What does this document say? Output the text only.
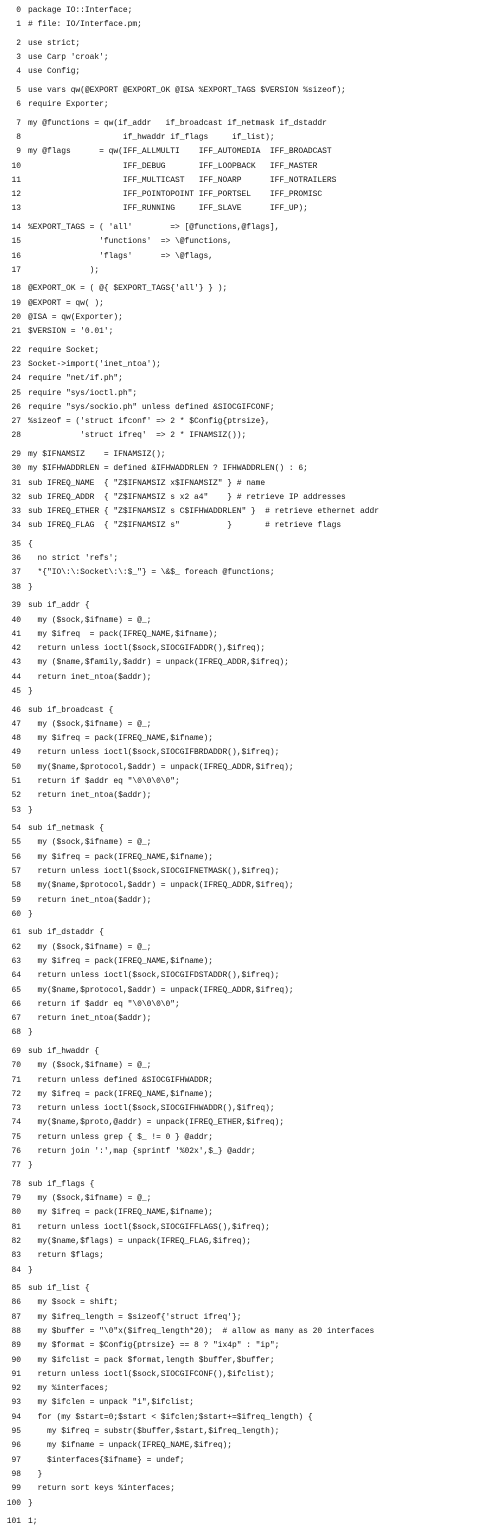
0 package IO::Interface;
1 # file: IO/Interface.pm;
2 use strict;
3 use Carp 'croak';
4 use Config;
5 use vars qw(@EXPORT @EXPORT_OK @ISA %EXPORT_TAGS $VERSION %sizeof);
6 require Exporter;
7 my @functions = qw(if_addr   if_broadcast if_netmask if_dstaddr
8 if_hwaddr if_flags     if_list);
9 my @flags      = qw(IFF_ALLMULTI    IFF_AUTOMEDIA  IFF_BROADCAST
10 IFF_DEBUG       IFF_LOOPBACK   IFF_MASTER
11 IFF_MULTICAST   IFF_NOARP      IFF_NOTRAILERS
12 IFF_POINTOPOINT IFF_PORTSEL    IFF_PROMISC
13 IFF_RUNNING     IFF_SLAVE      IFF_UP);
14 %EXPORT_TAGS = ( 'all'        => [@functions,@flags],
15 'functions'  => \@functions,
16 'flags'      => \@flags,
17 );
18 @EXPORT_OK = ( @{ $EXPORT_TAGS{'all'} } );
19 @EXPORT = qw( );
20 @ISA = qw(Exporter);
21 $VERSION = '0.01';
22 require Socket;
23 Socket->import('inet_ntoa');
24 require "net/if.ph";
25 require "sys/ioctl.ph";
26 require "sys/sockio.ph" unless defined &SIOCGIFCONF;
27 %sizeof = ('struct ifconf' => 2 * $Config{ptrsize},
28 'struct ifreq'  => 2 * IFNAMSIZ());
29 my $IFNAMSIZ    = IFNAMSIZ();
30 my $IFHWADDRLEN = defined &IFHWADDRLEN ? IFHWADDRLEN() : 6;
31 sub IFREQ_NAME  { "Z$IFNAMSIZ x$IFNAMSIZ" } # name
32 sub IFREQ_ADDR  { "Z$IFNAMSIZ s x2 a4"    } # retrieve IP addresses
33 sub IFREQ_ETHER { "Z$IFNAMSIZ s C$IFHWADDRLEN" }  # retrieve ethernet addr
34 sub IFREQ_FLAG  { "Z$IFNAMSIZ s"          }       # retrieve flags
35 {
36 no strict 'refs';
37 *{"IO\:\:Socket\:\:$_"} = \&$_ foreach @functions;
38 }
39 sub if_addr {
40 my ($sock,$ifname) = @_;
41 my $ifreq  = pack(IFREQ_NAME,$ifname);
42 return unless ioctl($sock,SIOCGIFADDR(),$ifreq);
43 my ($name,$family,$addr) = unpack(IFREQ_ADDR,$ifreq);
44 return inet_ntoa($addr);
45 }
46 sub if_broadcast {
47 my ($sock,$ifname) = @_;
48 my $ifreq = pack(IFREQ_NAME,$ifname);
49 return unless ioctl($sock,SIOCGIFBRDADDR(),$ifreq);
50 my($name,$protocol,$addr) = unpack(IFREQ_ADDR,$ifreq);
51 return if $addr eq "\0\0\0\0";
52 return inet_ntoa($addr);
53 }
54 sub if_netmask {
55 my ($sock,$ifname) = @_;
56 my $ifreq = pack(IFREQ_NAME,$ifname);
57 return unless ioctl($sock,SIOCGIFNETMASK(),$ifreq);
58 my($name,$protocol,$addr) = unpack(IFREQ_ADDR,$ifreq);
59 return inet_ntoa($addr);
60 }
61 sub if_dstaddr {
62 my ($sock,$ifname) = @_;
63 my $ifreq = pack(IFREQ_NAME,$ifname);
64 return unless ioctl($sock,SIOCGIFDSTADDR(),$ifreq);
65 my($name,$protocol,$addr) = unpack(IFREQ_ADDR,$ifreq);
66 return if $addr eq "\0\0\0\0";
67 return inet_ntoa($addr);
68 }
69 sub if_hwaddr {
70 my ($sock,$ifname) = @_;
71 return unless defined &SIOCGIFHWADDR;
72 my $ifreq = pack(IFREQ_NAME,$ifname);
73 return unless ioctl($sock,SIOCGIFHWADDR(),$ifreq);
74 my($name,$proto,@addr) = unpack(IFREQ_ETHER,$ifreq);
75 return unless grep { $_ != 0 } @addr;
76 return join ':',map {sprintf '%02x',$_} @addr;
77 }
78 sub if_flags {
79 my ($sock,$ifname) = @_;
80 my $ifreq = pack(IFREQ_NAME,$ifname);
81 return unless ioctl($sock,SIOCGIFFLAGS(),$ifreq);
82 my($name,$flags) = unpack(IFREQ_FLAG,$ifreq);
83 return $flags;
84 }
85 sub if_list {
86 my $sock = shift;
87 my $ifreq_length = $sizeof{'struct ifreq'};
88 my $buffer = "\0"x($ifreq_length*20);  # allow as many as 20 interfaces
89 my $format = $Config{ptrsize} == 8 ? "ix4p" : "ip";
90 my $ifclist = pack $format,length $buffer,$buffer;
91 return unless ioctl($sock,SIOCGIFCONF(),$ifclist);
92 my %interfaces;
93 my $ifclen = unpack "i",$ifclist;
94 for (my $start=0;$start < $ifclen;$start+=$ifreq_length) {
95 my $ifreq = substr($buffer,$start,$ifreq_length);
96 my $ifname = unpack(IFREQ_NAME,$ifreq);
97 $interfaces{$ifname} = undef;
98 }
99 return sort keys %interfaces;
100 }
101 1;
